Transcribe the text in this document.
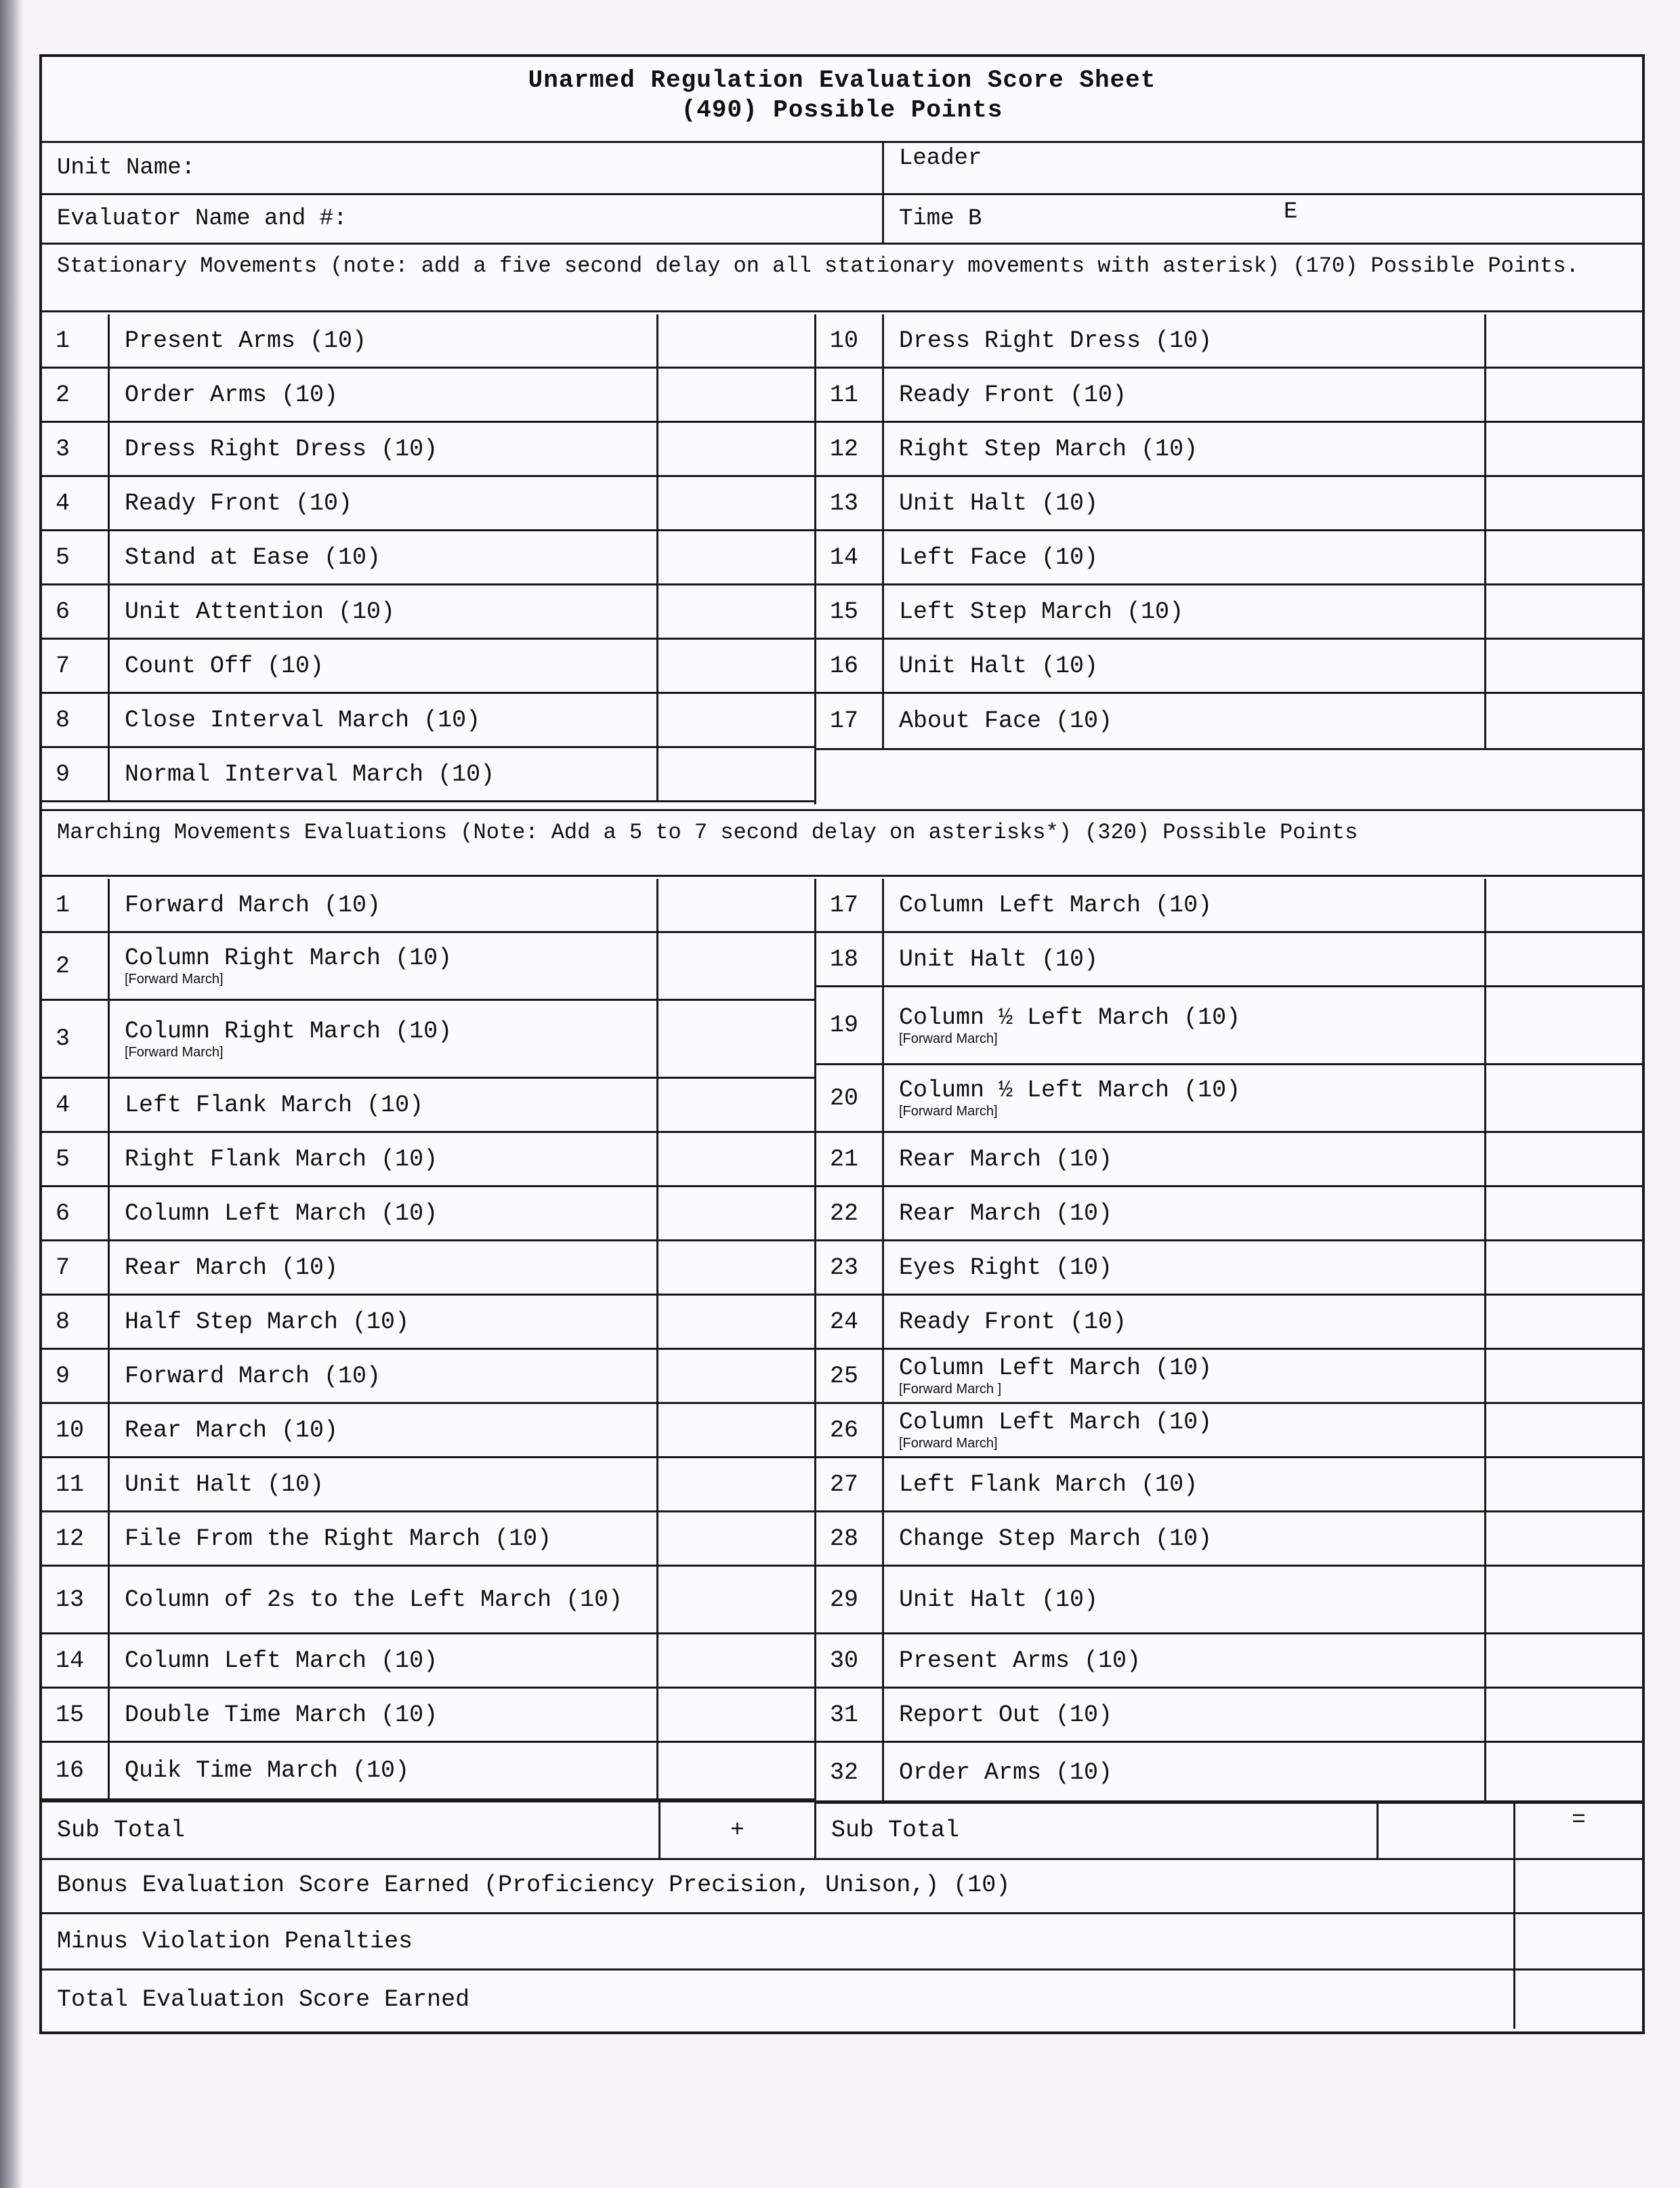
Unarmed Regulation Evaluation Score Sheet
(490) Possible Points
Unit Name:	Leader
Evaluator Name and #:	Time B	E
Stationary Movements (note: add a five second delay on all stationary movements with asterisk) (170) Possible Points.
1	Present Arms (10)
2	Order Arms (10)
3	Dress Right Dress (10)
4	Ready Front (10)
5	Stand at Ease (10)
6	Unit Attention (10)
7	Count Off (10)
8	Close Interval March (10)
9	Normal Interval March (10)
10	Dress Right Dress (10)
11	Ready Front (10)
12	Right Step March (10)
13	Unit Halt (10)
14	Left Face (10)
15	Left Step March (10)
16	Unit Halt (10)
17	About Face (10)
Marching Movements Evaluations (Note: Add a 5 to 7 second delay on asterisks*) (320) Possible Points
1	Forward March (10)
2	Column Right March (10)
[Forward March]
3	Column Right March (10)
[Forward March]
4	Left Flank March (10)
5	Right Flank March (10)
6	Column Left March (10)
7	Rear March (10)
8	Half Step March (10)
9	Forward March (10)
10	Rear March (10)
11	Unit Halt (10)
12	File From the Right March (10)
13	Column of 2s to the Left March (10)
14	Column Left March (10)
15	Double Time March (10)
16	Quik Time March (10)
17	Column Left March (10)
18	Unit Halt (10)
19	Column ½ Left March (10)
[Forward March]
20	Column ½ Left March (10)
[Forward March]
21	Rear March (10)
22	Rear March (10)
23	Eyes Right (10)
24	Ready Front (10)
25	Column Left March (10)
[Forward March ]
26	Column Left March (10)
[Forward March]
27	Left Flank March (10)
28	Change Step March (10)
29	Unit Halt (10)
30	Present Arms (10)
31	Report Out (10)
32	Order Arms (10)
Sub Total	+	Sub Total	=
Bonus Evaluation Score Earned (Proficiency Precision, Unison,) (10)
Minus Violation Penalties
Total Evaluation Score Earned
